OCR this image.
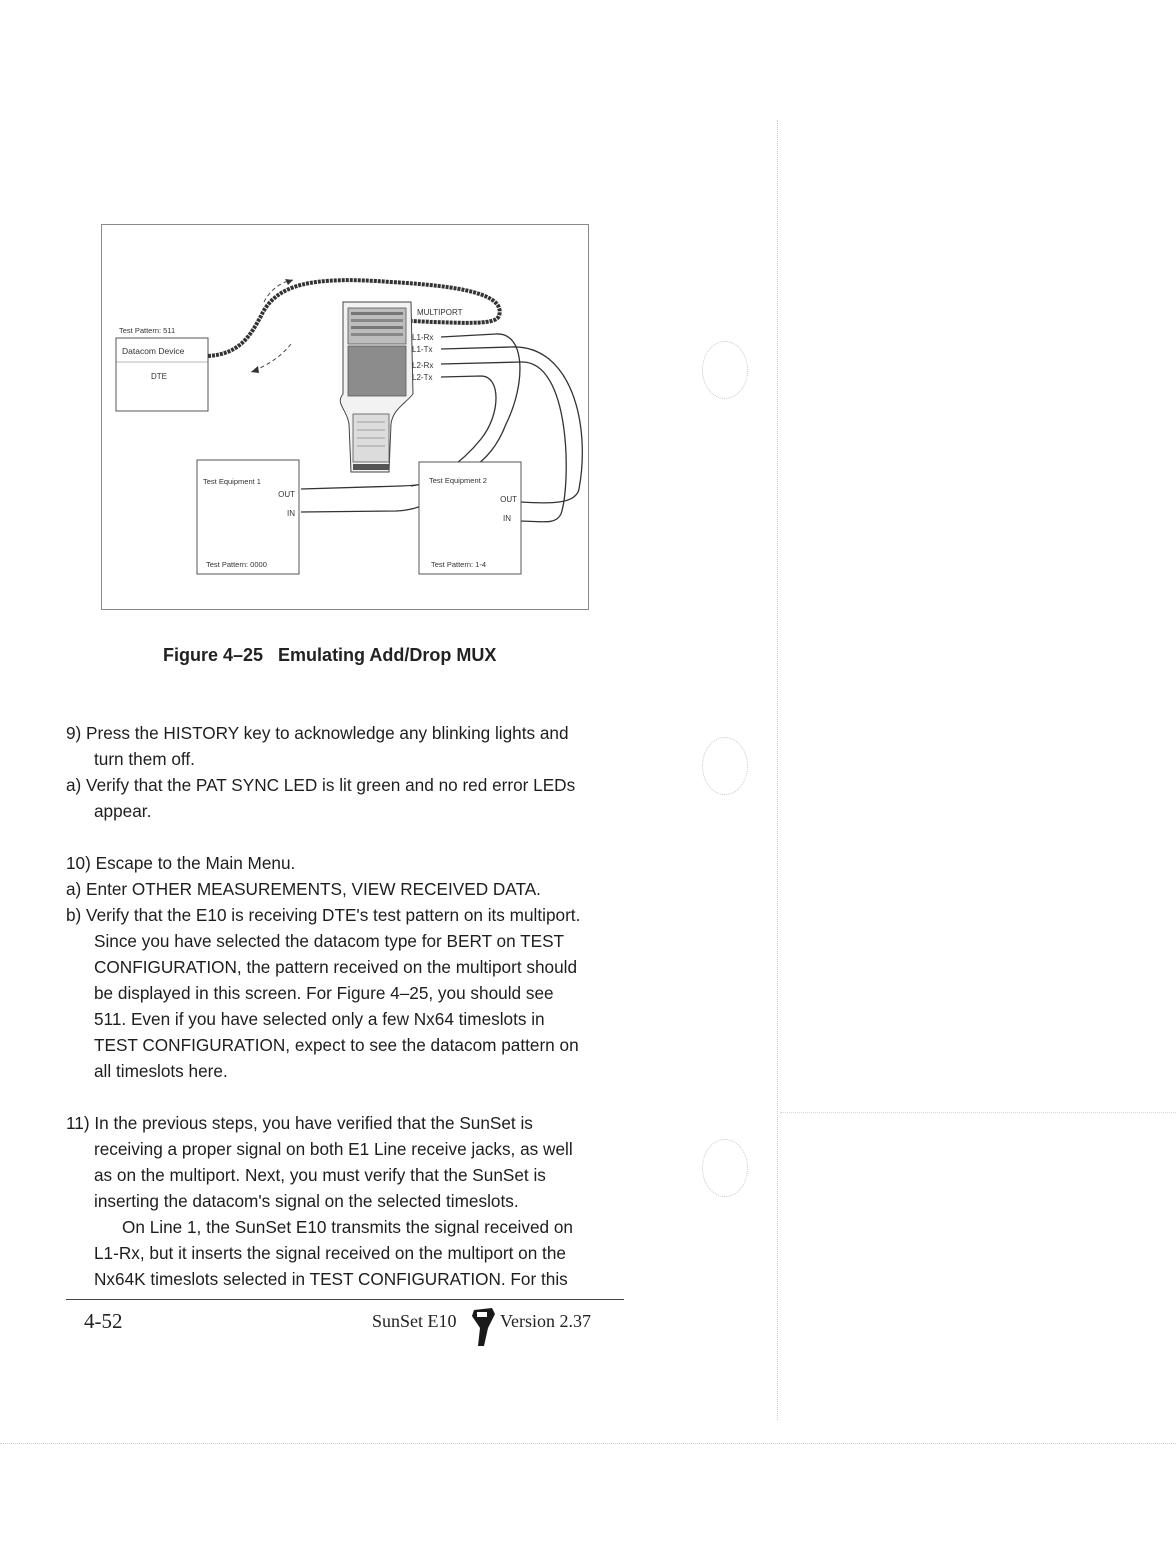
Test Pattern: 511
Datacom Device
DTE
MULTIPORT
L1-Rx
L1-Tx
L2-Rx
L2-Tx
Test Equipment 1
OUT
IN
Test Pattern: 0000
Test Equipment 2
OUT
IN
Test Pattern: 1-4
Figure 4–25   Emulating Add/Drop MUX
9) Press the HISTORY key to acknowledge any blinking lights and
turn them off.
a) Verify that the PAT SYNC LED is lit green and no red error LEDs
appear.
10) Escape to the Main Menu.
a) Enter OTHER MEASUREMENTS, VIEW RECEIVED DATA.
b) Verify that the E10 is receiving DTE's test pattern on its multiport.
Since you have selected the datacom type for BERT on TEST
CONFIGURATION, the pattern received on the multiport should
be displayed in this screen. For Figure 4–25, you should see
511. Even if you have selected only a few Nx64 timeslots in
TEST CONFIGURATION, expect to see the datacom pattern on
all timeslots here.
11) In the previous steps, you have verified that the SunSet is
receiving a proper signal on both E1 Line receive jacks, as well
as on the multiport. Next, you must verify that the SunSet is
inserting the datacom's signal on the selected timeslots.
On Line 1, the SunSet E10 transmits the signal received on
L1-Rx, but it inserts the signal received on the multiport on the
Nx64K timeslots selected in TEST CONFIGURATION. For this
4-52	SunSet E10 Version 2.37
